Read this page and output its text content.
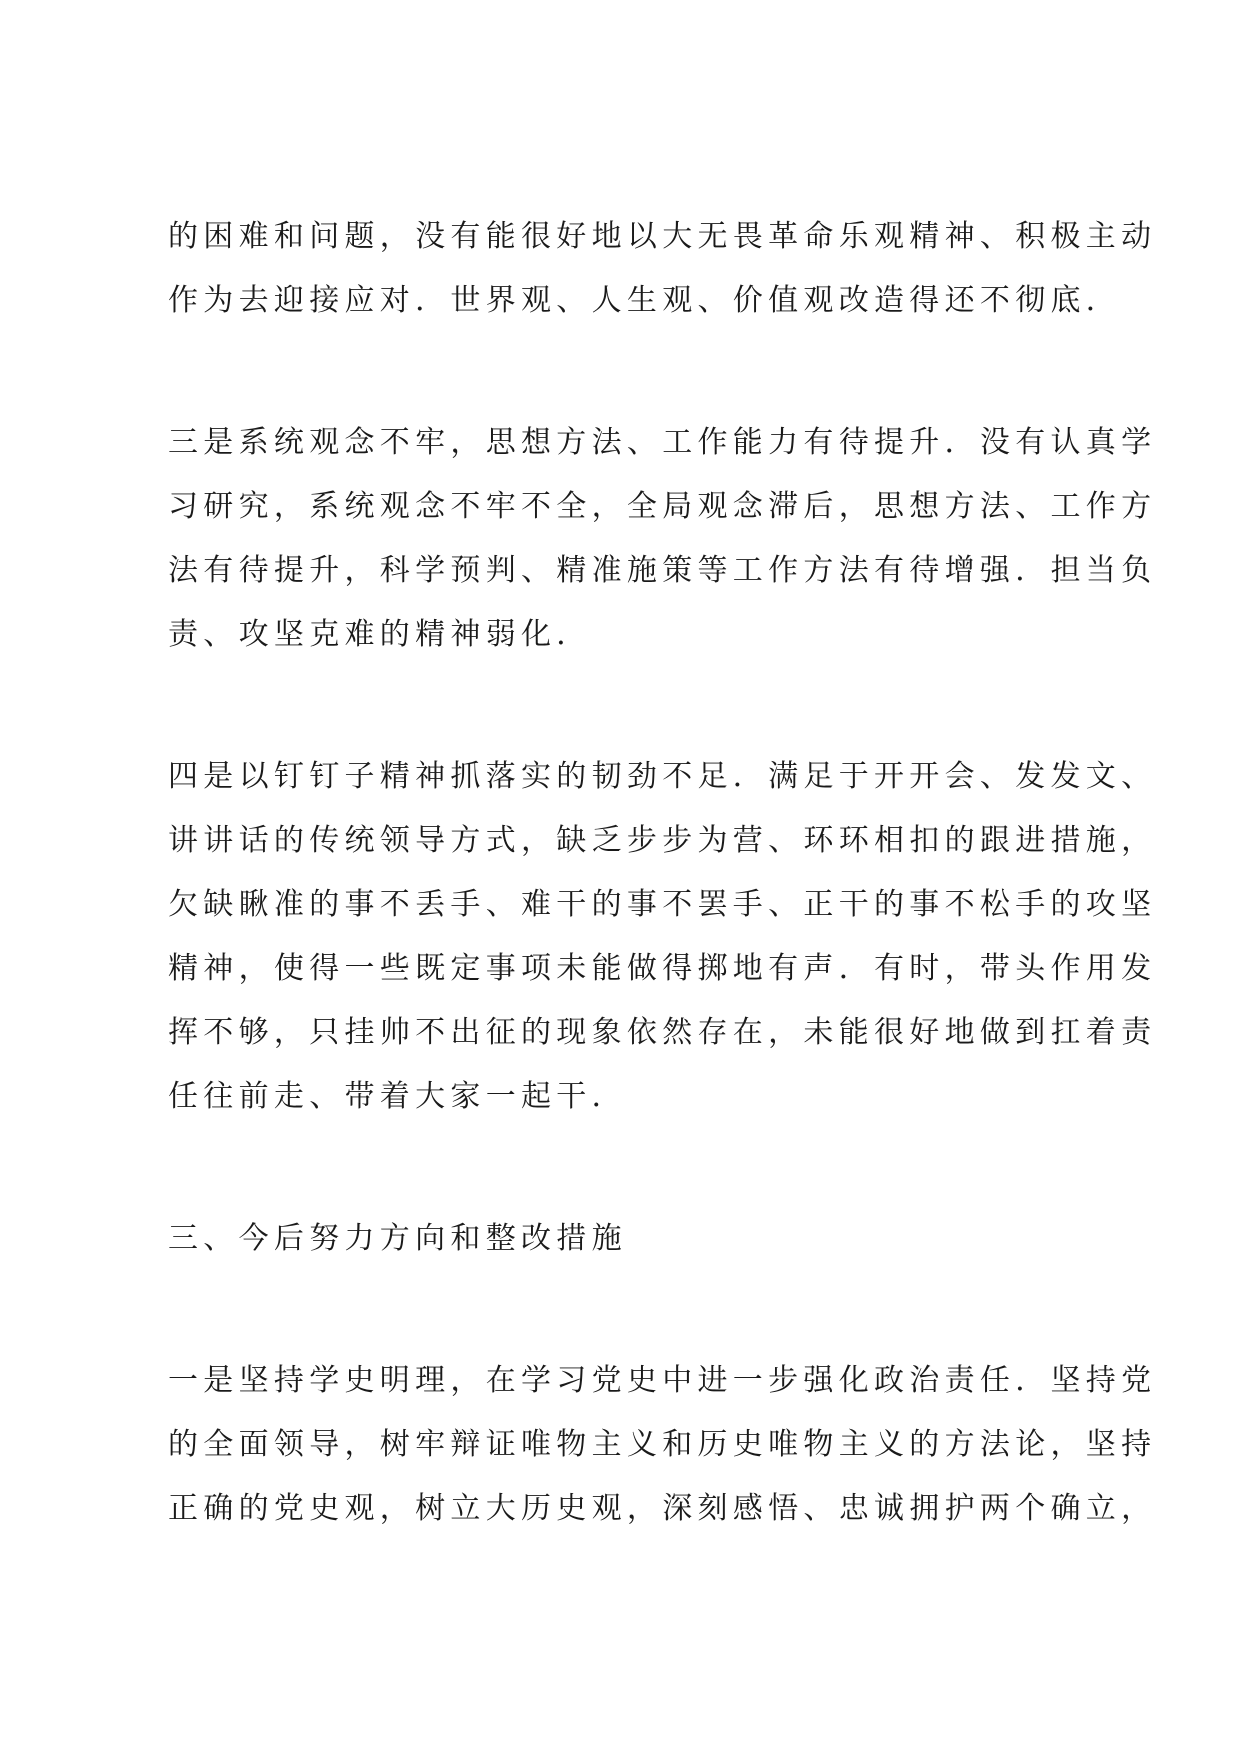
的困难和问题，没有能很好地以大无畏革命乐观精神、积极主动
作为去迎接应对．世界观、人生观、价值观改造得还不彻底．
三是系统观念不牢，思想方法、工作能力有待提升．没有认真学
习研究，系统观念不牢不全，全局观念滞后，思想方法、工作方
法有待提升，科学预判、精准施策等工作方法有待增强．担当负
责、攻坚克难的精神弱化．
四是以钉钉子精神抓落实的韧劲不足．满足于开开会、发发文、
讲讲话的传统领导方式，缺乏步步为营、环环相扣的跟进措施，
欠缺瞅准的事不丢手、难干的事不罢手、正干的事不松手的攻坚
精神，使得一些既定事项未能做得掷地有声．有时，带头作用发
挥不够，只挂帅不出征的现象依然存在，未能很好地做到扛着责
任往前走、带着大家一起干．
三、今后努力方向和整改措施
一是坚持学史明理，在学习党史中进一步强化政治责任．坚持党
的全面领导，树牢辩证唯物主义和历史唯物主义的方法论，坚持
正确的党史观，树立大历史观，深刻感悟、忠诚拥护两个确立，
